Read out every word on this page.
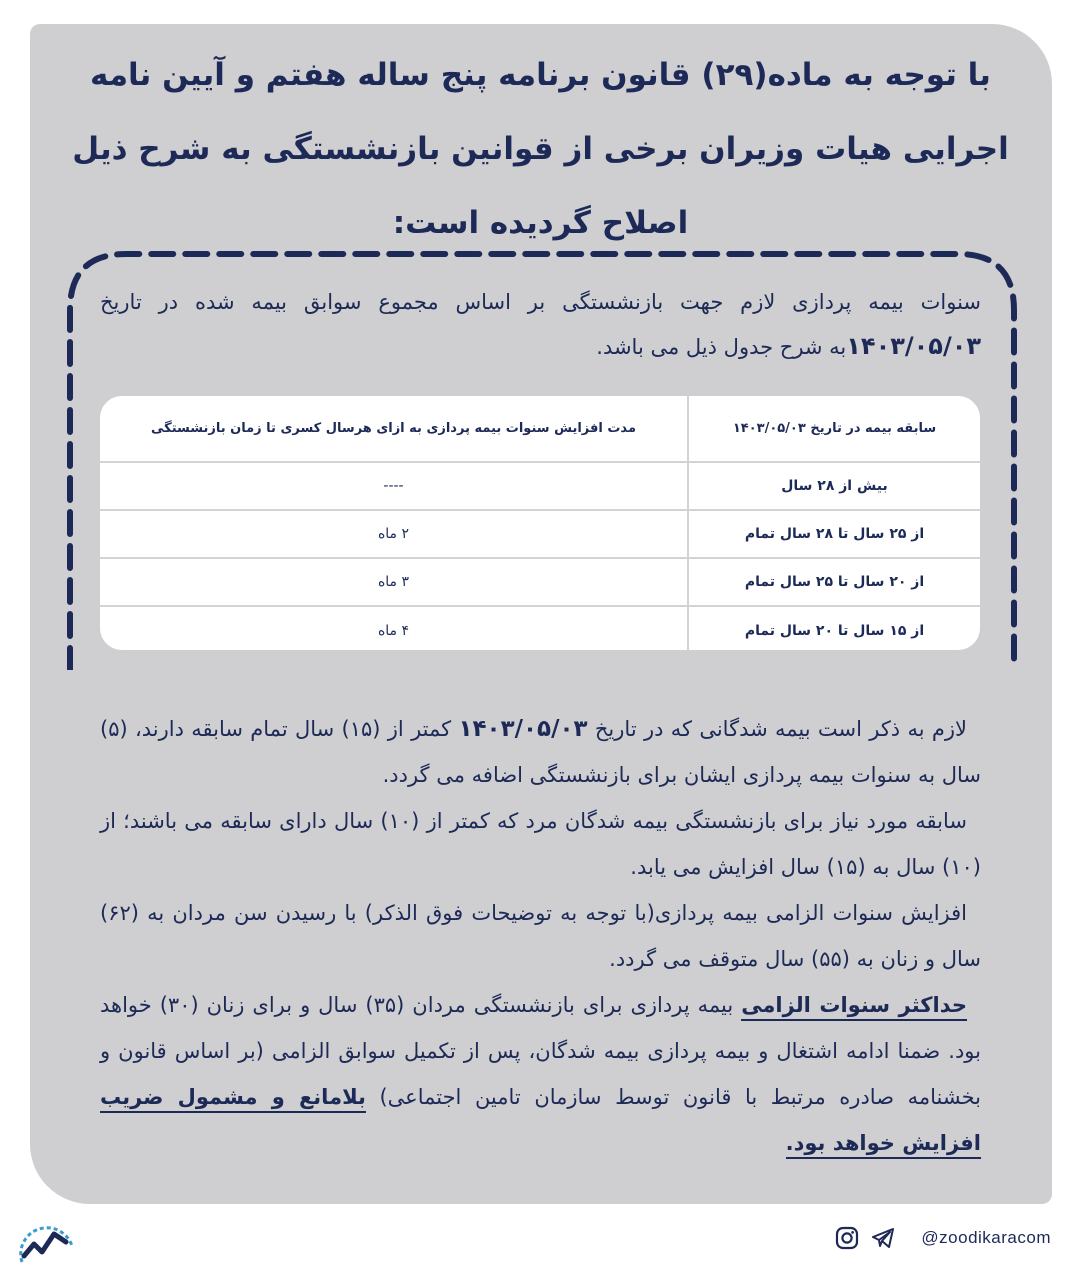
با توجه به ماده(۲۹) قانون برنامه پنج ساله هفتم و آیین نامه اجرایی هیات وزیران برخی از قوانین بازنشستگی به شرح ذیل اصلاح گردیده است:
سنوات بیمه پردازی لازم جهت بازنشستگی بر اساس مجموع سوابق بیمه شده در تاریخ ۱۴۰۳/۰۵/۰۳به شرح جدول ذیل می باشد.
سابقه بیمه در تاریخ ۱۴۰۳/۰۵/۰۳	مدت افزایش سنوات بیمه پردازی به ازای هرسال کسری تا زمان بازنشستگی
بیش از ۲۸ سال	----
از ۲۵ سال تا ۲۸ سال تمام	۲ ماه
از ۲۰ سال تا ۲۵ سال تمام	۳ ماه
از ۱۵ سال تا ۲۰ سال تمام	۴ ماه

لازم به ذکر است بیمه شدگانی که در تاریخ ۱۴۰۳/۰۵/۰۳ کمتر از (۱۵) سال تمام سابقه دارند، (۵) سال به سنوات بیمه پردازی ایشان برای بازنشستگی اضافه می گردد.

سابقه مورد نیاز برای بازنشستگی بیمه شدگان مرد که کمتر از (۱۰) سال دارای سابقه می باشند؛ از (۱۰) سال به (۱۵) سال افزایش می یابد.

افزایش سنوات الزامی بیمه پردازی(با توجه به توضیحات فوق الذکر) با رسیدن سن مردان به (۶۲) سال و زنان به (۵۵) سال متوقف می گردد.

حداکثر سنوات الزامی بیمه پردازی برای بازنشستگی مردان (۳۵) سال و برای زنان (۳۰) خواهد بود. ضمنا ادامه اشتغال و بیمه پردازی بیمه شدگان، پس از تکمیل سوابق الزامی (بر اساس قانون و بخشنامه صادره مرتبط با قانون توسط سازمان تامین اجتماعی) بلامانع و مشمول ضریب افزایش خواهد بود.

@zoodikaracom
